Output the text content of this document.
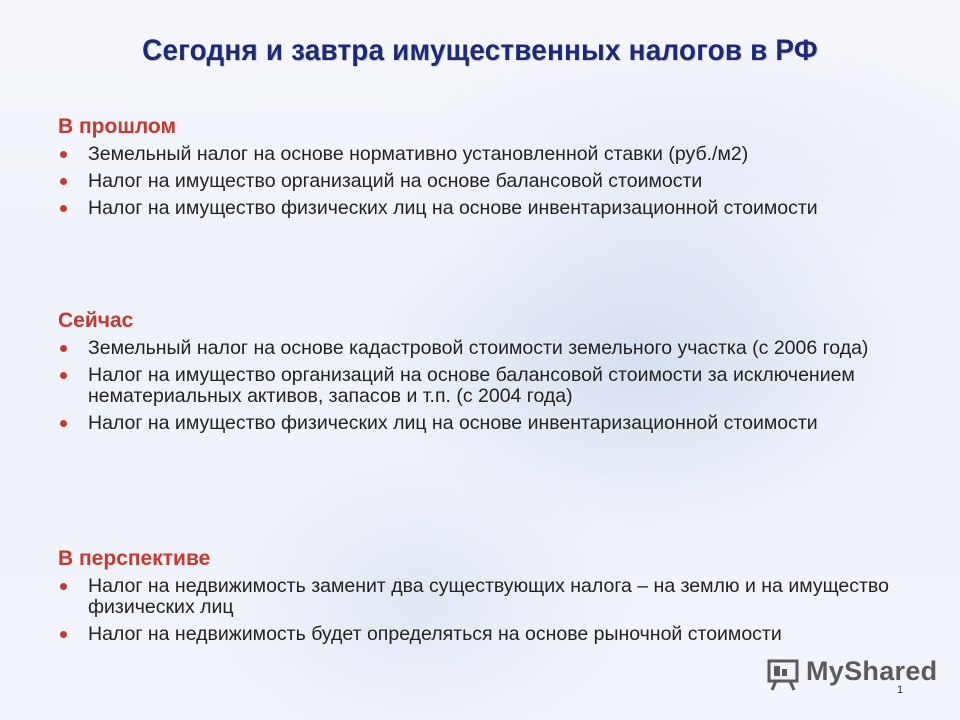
Сегодня и завтра имущественных налогов в РФ
В прошлом
Земельный налог на основе нормативно установленной ставки (руб./м2)
Налог на имущество организаций на основе балансовой стоимости
Налог на имущество физических лиц на основе инвентаризационной стоимости
Сейчас
Земельный налог на основе кадастровой стоимости земельного участка (с 2006 года)
Налог на имущество организаций на основе балансовой стоимости за исключением нематериальных активов, запасов и т.п. (с 2004 года)
Налог на имущество физических лиц на основе инвентаризационной стоимости
В перспективе
Налог на недвижимость заменит два существующих налога – на землю и на имущество физических лиц
Налог на недвижимость будет определяться на основе рыночной стоимости
MyShared
1
